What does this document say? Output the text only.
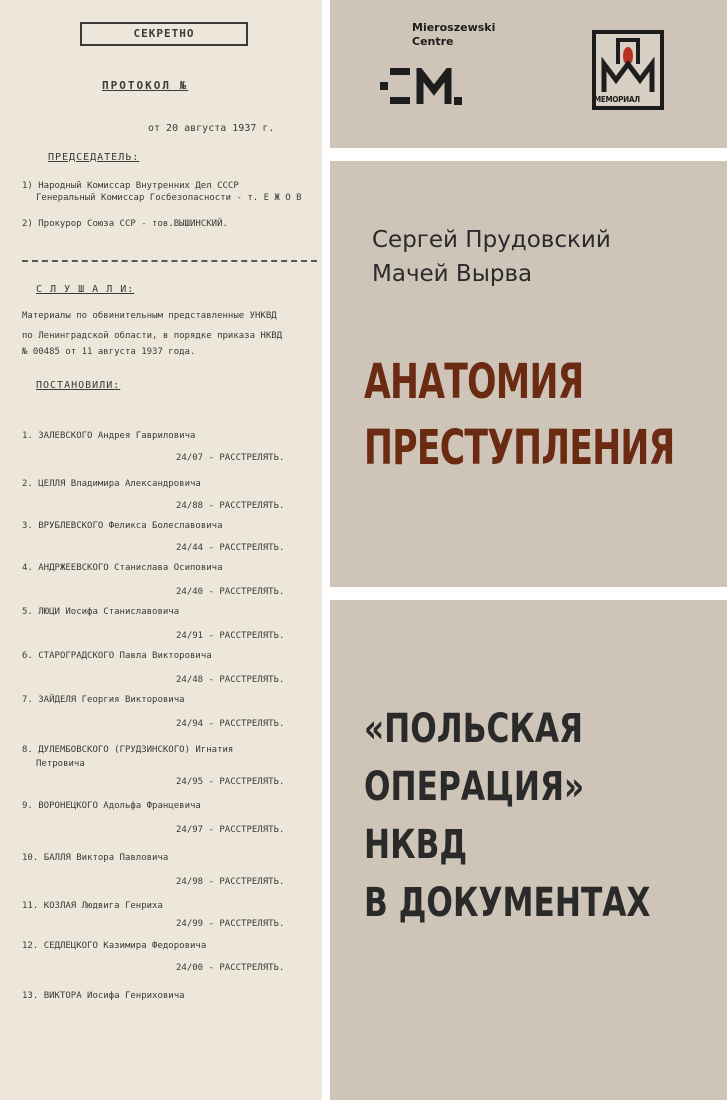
СЕКРЕТНО
ПРОТОКОЛ №
от 20 августа 1937 г.
ПРЕДСЕДАТЕЛЬ:
1) Народный Комиссар Внутренних Дел СССР
Генеральный Комиссар Госбезопасности - т. Е Ж О В
2) Прокурор Союза ССР - тов.ВЫШИНСКИЙ.
С Л У Ш А Л И:
Материалы по обвинительным представленные УНКВД
по Ленинградской области, в порядке приказа НКВД
№ 00485 от 11 августа 1937 года.
ПОСТАНОВИЛИ:
1. ЗАЛЕВСКОГО Андрея Гавриловича
24/07 - РАССТРЕЛЯТЬ.
2. ЦЕЛЛЯ Владимира Александровича
24/88 - РАССТРЕЛЯТЬ.
3. ВРУБЛЕВСКОГО Феликса Болеславовича
24/44 - РАССТРЕЛЯТЬ.
4. АНДРЖЕЕВСКОГО Станислава Осиповича
24/40 - РАССТРЕЛЯТЬ.
5. ЛЮЦИ Иосифа Станиславовича
24/91 - РАССТРЕЛЯТЬ.
6. СТАРОГРАДСКОГО Павла Викторовича
24/48 - РАССТРЕЛЯТЬ.
7. ЗАЙДЕЛЯ Георгия Викторовича
24/94 - РАССТРЕЛЯТЬ.
8. ДУЛЕМБОВСКОГО (ГРУДЗИНСКОГО) Игнатия
Петровича
24/95 - РАССТРЕЛЯТЬ.
9. ВОРОНЕЦКОГО Адольфа Францевича
24/97 - РАССТРЕЛЯТЬ.
10. БАЛЛЯ Виктора Павловича
24/98 - РАССТРЕЛЯТЬ.
11. КОЗЛАЯ Людвига Генриха
24/99 - РАССТРЕЛЯТЬ.
12. СЕДЛЕЦКОГО Казимира Федоровича
24/00 - РАССТРЕЛЯТЬ.
13. ВИКТОРА Иосифа Генриховича
Mieroszewski
Centre
МЕМОРИАЛ
Сергей Прудовский
Мачей Вырва
АНАТОМИЯ
ПРЕСТУПЛЕНИЯ
«ПОЛЬСКАЯ
ОПЕРАЦИЯ»
НКВД
В ДОКУМЕНТАХ
